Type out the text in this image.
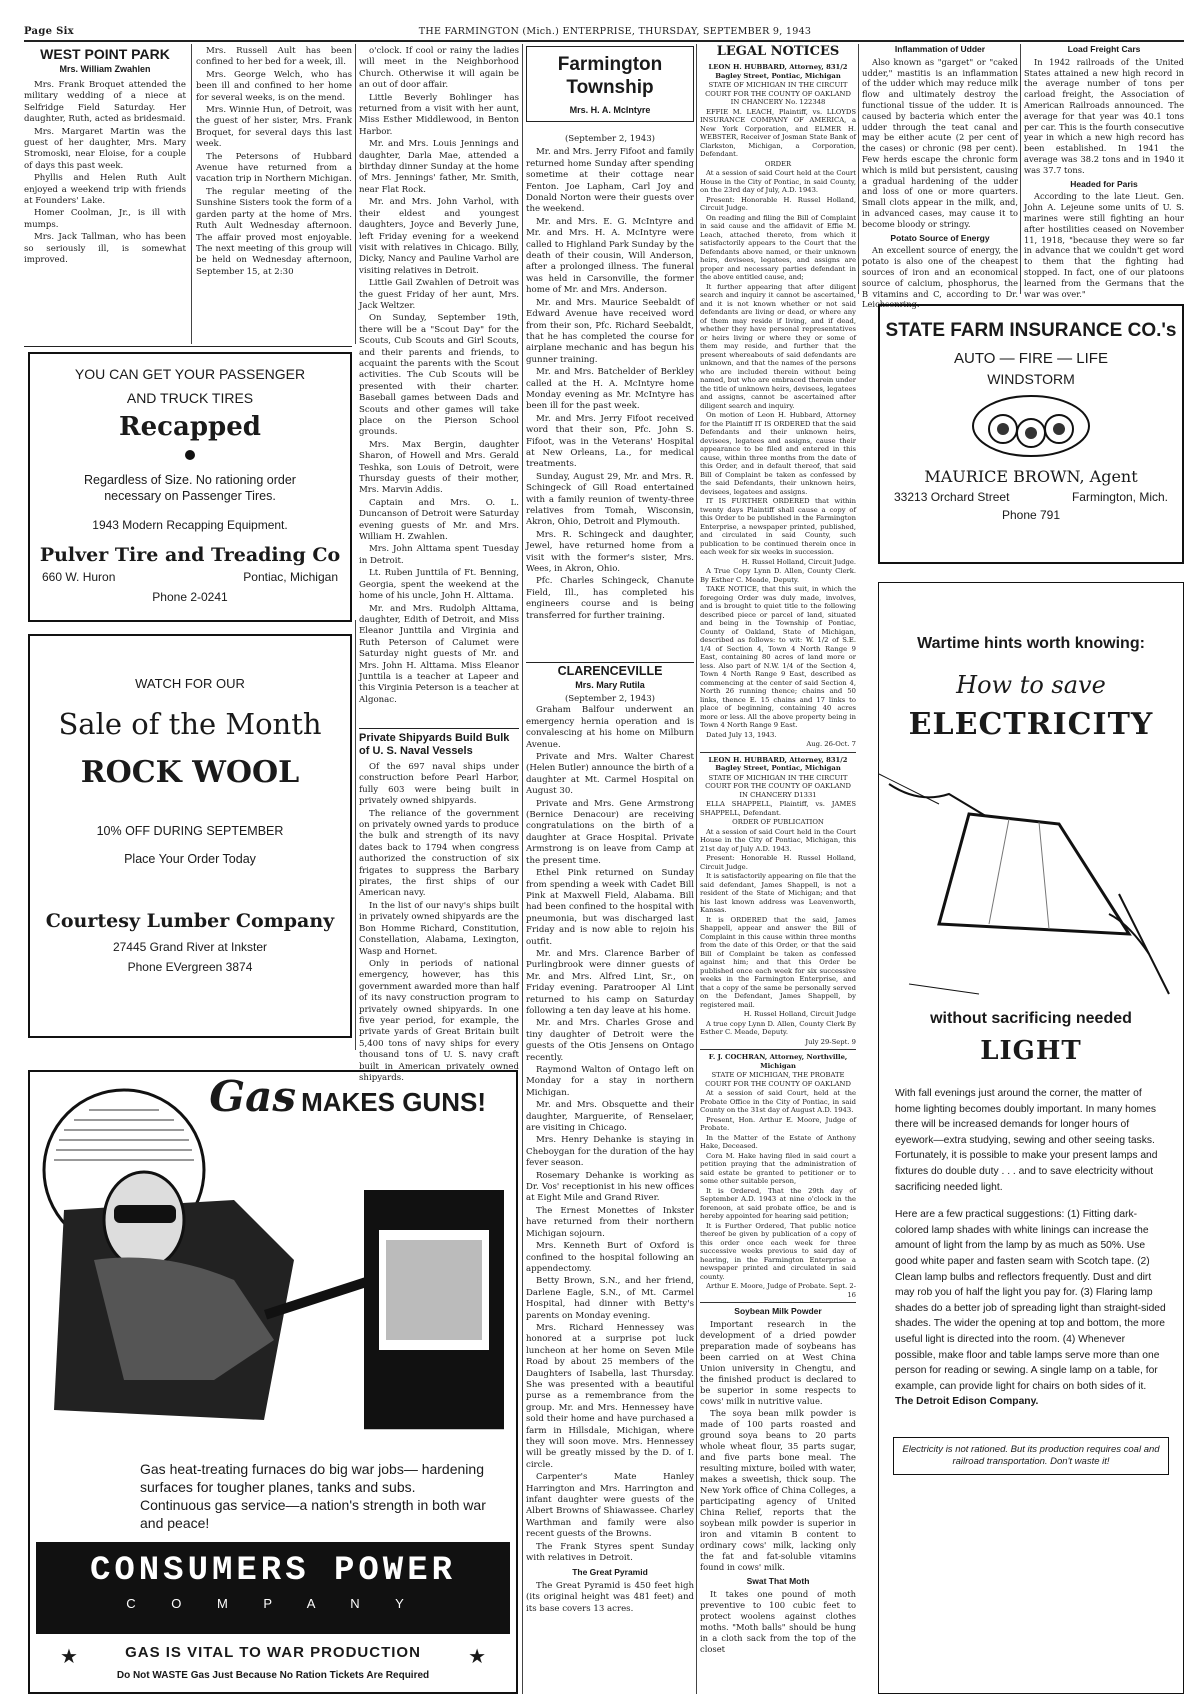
Page Six	THE FARMINGTON (Mich.) ENTERPRISE, THURSDAY, SEPTEMBER 9, 1943
WEST POINT PARK
Mrs. William Zwahlen

Mrs. Frank Broquet attended the military wedding of a niece at Selfridge Field Saturday. Her daughter, Ruth, acted as bridesmaid.

Mrs. Margaret Martin was the guest of her daughter, Mrs. Mary Stromoski, near Eloise, for a couple of days this past week.

Phyllis and Helen Ruth Ault enjoyed a weekend trip with friends at Founders' Lake.

Homer Coolman, Jr., is ill with mumps.

Mrs. Jack Tallman, who has been so seriously ill, is somewhat improved.

Mrs. Russell Ault has been confined to her bed for a week, ill.

Mrs. George Welch, who has been ill and confined to her home for several weeks, is on the mend.

Mrs. Winnie Hun, of Detroit, was the guest of her sister, Mrs. Frank Broquet, for several days this last week.

The Petersons of Hubbard Avenue have returned from a vacation trip in Northern Michigan.

The regular meeting of the Sunshine Sisters took the form of a garden party at the home of Mrs. Ruth Ault Wednesday afternoon. The affair proved most enjoyable. The next meeting of this group will be held on Wednesday afternoon, September 15, at 2:30

o'clock. If cool or rainy the ladies will meet in the Neighborhood Church. Otherwise it will again be an out of door affair.

Little Beverly Bohlinger has returned from a visit with her aunt, Miss Esther Middlewood, in Benton Harbor.

Mr. and Mrs. Louis Jennings and daughter, Darla Mae, attended a birthday dinner Sunday at the home of Mrs. Jennings' father, Mr. Smith, near Flat Rock.

Mr. and Mrs. John Varhol, with their eldest and youngest daughters, Joyce and Beverly June, left Friday evening for a weekend visit with relatives in Chicago. Billy, Dicky, Nancy and Pauline Varhol are visiting relatives in Detroit.

Little Gail Zwahlen of Detroit was the guest Friday of her aunt, Mrs. Jack Weltzer.

On Sunday, September 19th, there will be a "Scout Day" for the Scouts, Cub Scouts and Girl Scouts, and their parents and friends, to acquaint the parents with the Scout activities. The Cub Scouts will be presented with their charter. Baseball games between Dads and Scouts and other games will take place on the Pierson School grounds.

Mrs. Max Bergin, daughter Sharon, of Howell and Mrs. Gerald Teshka, son Louis of Detroit, were Thursday guests of their mother, Mrs. Marvin Addis.

Captain and Mrs. O. L. Duncanson of Detroit were Saturday evening guests of Mr. and Mrs. William H. Zwahlen.

Mrs. John Alttama spent Tuesday in Detroit.

Lt. Ruben Junttila of Ft. Benning, Georgia, spent the weekend at the home of his uncle, John H. Alttama.

Mr. and Mrs. Rudolph Alttama, daughter, Edith of Detroit, and Miss Eleanor Junttila and Virginia and Ruth Peterson of Calumet were Saturday night guests of Mr. and Mrs. John H. Alttama. Miss Eleanor Junttila is a teacher at Lapeer and this Virginia Peterson is a teacher at Algonac.

YOU CAN GET YOUR PASSENGER
AND TRUCK TIRES
Recapped
Regardless of Size. No rationing order necessary on Passenger Tires.
1943 Modern Recapping Equipment.
Pulver Tire and Treading Co
660 W. Huron	Pontiac, Michigan
Phone 2-0241
WATCH FOR OUR
Sale of the Month
ROCK WOOL
10% OFF DURING SEPTEMBER
Place Your Order Today
Courtesy Lumber Company
27445 Grand River at Inkster
Phone EVergreen 3874
Private Shipyards Build Bulk of U. S. Naval Vessels

Of the 697 naval ships under construction before Pearl Harbor, fully 603 were being built in privately owned shipyards.

The reliance of the government on privately owned yards to produce the bulk and strength of its navy dates back to 1794 when congress authorized the construction of six frigates to suppress the Barbary pirates, the first ships of our American navy.

In the list of our navy's ships built in privately owned shipyards are the Bon Homme Richard, Constitution, Constellation, Alabama, Lexington, Wasp and Hornet.

Only in periods of national emergency, however, has this government awarded more than half of its navy construction program to privately owned shipyards. In one five year period, for example, the private yards of Great Britain built 5,400 tons of navy ships for every thousand tons of U. S. navy craft built in American privately owned shipyards.

Gas MAKES GUNS!
Gas heat-treating furnaces do big war jobs— hardening surfaces for tougher planes, tanks and subs. Continuous gas service—a nation's strength in both war and peace!
CONSUMERS POWER
C O M P A N Y
★	★
GAS IS VITAL TO WAR PRODUCTION
Do Not WASTE Gas Just Because No Ration Tickets Are Required
Farmington Township
Mrs. H. A. McIntyre
(September 2, 1943)

Mr. and Mrs. Jerry Fifoot and family returned home Sunday after spending sometime at their cottage near Fenton. Joe Lapham, Carl Joy and Donald Norton were their guests over the weekend.

Mr. and Mrs. E. G. McIntyre and Mr. and Mrs. H. A. McIntyre were called to Highland Park Sunday by the death of their cousin, Will Anderson, after a prolonged illness. The funeral was held in Carsonville, the former home of Mr. and Mrs. Anderson.

Mr. and Mrs. Maurice Seebaldt of Edward Avenue have received word from their son, Pfc. Richard Seebaldt, that he has completed the course for airplane mechanic and has begun his gunner training.

Mr. and Mrs. Batchelder of Berkley called at the H. A. McIntyre home Monday evening as Mr. McIntyre has been ill for the past week.

Mr. and Mrs. Jerry Fifoot received word that their son, Pfc. John S. Fifoot, was in the Veterans' Hospital at New Orleans, La., for medical treatments.

Sunday, August 29, Mr. and Mrs. R. Schingeck of Gill Road entertained with a family reunion of twenty-three relatives from Tomah, Wisconsin, Akron, Ohio, Detroit and Plymouth.

Mrs. R. Schingeck and daughter, Jewel, have returned home from a visit with the former's sister, Mrs. Wees, in Akron, Ohio.

Pfc. Charles Schingeck, Chanute Field, Ill., has completed his engineers course and is being transferred for further training.

CLARENCEVILLE
Mrs. Mary Rutila
(September 2, 1943)

Graham Balfour underwent an emergency hernia operation and is convalescing at his home on Milburn Avenue.

Private and Mrs. Walter Charest (Helen Butler) announce the birth of a daughter at Mt. Carmel Hospital on August 30.

Private and Mrs. Gene Armstrong (Bernice Denacour) are receiving congratulations on the birth of a daughter at Grace Hospital. Private Armstrong is on leave from Camp at the present time.

Ethel Pink returned on Sunday from spending a week with Cadet Bill Pink at Maxwell Field, Alabama. Bill had been confined to the hospital with pneumonia, but was discharged last Friday and is now able to rejoin his outfit.

Mr. and Mrs. Clarence Barber of Purlingbrook were dinner guests of Mr. and Mrs. Alfred Lint, Sr., on Friday evening. Paratrooper Al Lint returned to his camp on Saturday following a ten day leave at his home.

Mr. and Mrs. Charles Grose and tiny daughter of Detroit were the guests of the Otis Jensens on Ontago recently.

Raymond Walton of Ontago left on Monday for a stay in northern Michigan.

Mr. and Mrs. Obsquette and their daughter, Marguerite, of Renselaer, are visiting in Chicago.

Mrs. Henry Dehanke is staying in Cheboygan for the duration of the hay fever season.

Rosemary Dehanke is working as Dr. Vos' receptionist in his new offices at Eight Mile and Grand River.

The Ernest Monettes of Inkster have returned from their northern Michigan sojourn.

Mrs. Kenneth Burt of Oxford is confined to the hospital following an appendectomy.

Betty Brown, S.N., and her friend, Darlene Eagle, S.N., of Mt. Carmel Hospital, had dinner with Betty's parents on Monday evening.

Mrs. Richard Hennessey was honored at a surprise pot luck luncheon at her home on Seven Mile Road by about 25 members of the Daughters of Isabella, last Thursday. She was presented with a beautiful purse as a remembrance from the group. Mr. and Mrs. Hennessey have sold their home and have purchased a farm in Hillsdale, Michigan, where they will soon move. Mrs. Hennessey will be greatly missed by the D. of I. circle.

Carpenter's Mate Hanley Harrington and Mrs. Harrington and infant daughter were guests of the Albert Browns of Shiawassee. Charley Warthman and family were also recent guests of the Browns.

The Frank Styres spent Sunday with relatives in Detroit.

The Great Pyramid

The Great Pyramid is 450 feet high (its original height was 481 feet) and its base covers 13 acres.

LEGAL NOTICES

LEON H. HUBBARD, Attorney, 831/2 Bagley Street, Pontiac, Michigan

STATE OF MICHIGAN IN THE CIRCUIT COURT FOR THE COUNTY OF OAKLAND IN CHANCERY No. 122348

EFFIE M. LEACH, Plaintiff, vs. LLOYDS INSURANCE COMPANY OF AMERICA, a New York Corporation, and ELMER H. WEBSTER, Receiver of Josman State Bank of Clarkston, Michigan, a Corporation, Defendant.

ORDER

At a session of said Court held at the Court House in the City of Pontiac, in said County, on the 23rd day of July, A.D. 1943.

Present: Honorable H. Russel Holland, Circuit Judge.

On reading and filing the Bill of Complaint in said cause and the affidavit of Effie M. Leach, attached thereto, from which it satisfactorily appears to the Court that the Defendants above named, or their unknown heirs, devisees, legatees, and assigns are proper and necessary parties defendant in the above entitled cause, and;

It further appearing that after diligent search and inquiry it cannot be ascertained, and it is not known whether or not said defendants are living or dead, or where any of them may reside if living, and if dead, whether they have personal representatives or heirs living or where they or some of them may reside, and further that the present whereabouts of said defendants are unknown, and that the names of the persons who are included therein without being named, but who are embraced therein under the title of unknown heirs, devisees, legatees and assigns, cannot be ascertained after diligent search and inquiry.

On motion of Leon H. Hubbard, Attorney for the Plaintiff IT IS ORDERED that the said Defendants and their unknown heirs, devisees, legatees and assigns, cause their appearance to be filed and entered in this cause, within three months from the date of this Order, and in default thereof, that said Bill of Complaint be taken as confessed by the said Defendants, their unknown heirs, devisees, legatees and assigns.

IT IS FURTHER ORDERED that within twenty days Plaintiff shall cause a copy of this Order to be published in the Farmington Enterprise, a newspaper printed, published, and circulated in said County, such publication to be continued therein once in each week for six weeks in succession.

H. Russel Holland, Circuit Judge.

A True Copy Lynn D. Allen, County Clerk. By Esther C. Meade, Deputy.

TAKE NOTICE, that this suit, in which the foregoing Order was duly made, involves, and is brought to quiet title to the following described piece or parcel of land, situated and being in the Township of Pontiac, County of Oakland, State of Michigan, described as follows: to wit: W. 1/2 of S.E. 1/4 of Section 4, Town 4 North Range 9 East, containing 80 acres of land more or less. Also part of N.W. 1/4 of the Section 4, Town 4 North Range 9 East, described as commencing at the center of said Section 4, North 26 running thence; chains and 50 links, thence E. 15 chains and 17 links to place of beginning, containing 40 acres more or less. All the above property being in Town 4 North Range 9 East.

Dated July 13, 1943.

Aug. 26-Oct. 7

LEON H. HUBBARD, Attorney, 831/2 Bagley Street, Pontiac, Michigan

STATE OF MICHIGAN IN THE CIRCUIT COURT FOR THE COUNTY OF OAKLAND IN CHANCERY D1331

ELLA SHAPPELL, Plaintiff, vs. JAMES SHAPPELL, Defendant.

ORDER OF PUBLICATION

At a session of said Court held in the Court House in the City of Pontiac, Michigan, this 21st day of July A.D. 1943.

Present: Honorable H. Russel Holland, Circuit Judge.

It is satisfactorily appearing on file that the said defendant, James Shappell, is not a resident of the State of Michigan; and that his last known address was Leavenworth, Kansas.

It is ORDERED that the said, James Shappell, appear and answer the Bill of Complaint in this cause within three months from the date of this Order, or that the said Bill of Complaint be taken as confessed against him; and that this Order be published once each week for six successive weeks in the Farmington Enterprise, and that a copy of the same be personally served on the Defendant, James Shappell, by registered mail.

H. Russel Holland, Circuit Judge

A true copy Lynn D. Allen, County Clerk By Esther C. Meade, Deputy.

July 29-Sept. 9

F. J. COCHRAN, Attorney, Northville, Michigan

STATE OF MICHIGAN, THE PROBATE COURT FOR THE COUNTY OF OAKLAND

At a session of said Court, held at the Probate Office in the City of Pontiac, in said County on the 31st day of August A.D. 1943.

Present, Hon. Arthur E. Moore, Judge of Probate.

In the Matter of the Estate of Anthony Hake, Deceased.

Cora M. Hake having filed in said court a petition praying that the administration of said estate be granted to petitioner or to some other suitable person,

It is Ordered, That the 29th day of September A.D. 1943 at nine o'clock in the forenoon, at said probate office, be and is hereby appointed for hearing said petition;

It is Further Ordered, That public notice thereof be given by publication of a copy of this order once each week for three successive weeks previous to said day of hearing, in the Farmington Enterprise a newspaper printed and circulated in said county.

Arthur E. Moore, Judge of Probate. Sept. 2-16

Soybean Milk Powder

Important research in the development of a dried powder preparation made of soybeans has been carried on at West China Union university in Chengtu, and the finished product is declared to be superior in some respects to cows' milk in nutritive value.

The soya bean milk powder is made of 100 parts roasted and ground soya beans to 20 parts whole wheat flour, 35 parts sugar, and five parts bone meal. The resulting mixture, boiled with water, makes a sweetish, thick soup. The New York office of China Colleges, a participating agency of United China Relief, reports that the soybean milk powder is superior in iron and vitamin B content to ordinary cows' milk, lacking only the fat and fat-soluble vitamins found in cows' milk.

Swat That Moth

It takes one pound of moth preventive to 100 cubic feet to protect woolens against clothes moths. "Moth balls" should be hung in a cloth sack from the top of the closet

Inflammation of Udder

Also known as "garget" or "caked udder," mastitis is an inflammation of the udder which may reduce milk flow and ultimately destroy the functional tissue of the udder. It is caused by bacteria which enter the udder through the teat canal and may be either acute (2 per cent of the cases) or chronic (98 per cent). Few herds escape the chronic form which is mild but persistent, causing a gradual hardening of the udder and loss of one or more quarters. Small clots appear in the milk, and, in advanced cases, may cause it to become bloody or stringy.

Potato Source of Energy

An excellent source of energy, the potato is also one of the cheapest sources of iron and an economical source of calcium, phosphorus, the B vitamins and C, according to Dr. Leichsenring.

Load Freight Cars

In 1942 railroads of the United States attained a new high record in the average number of tons per carload freight, the Association of American Railroads announced. The average for that year was 40.1 tons per car. This is the fourth consecutive year in which a new high record has been established. In 1941 the average was 38.2 tons and in 1940 it was 37.7 tons.

Headed for Paris

According to the late Lieut. Gen. John A. Lejeune some units of U. S. marines were still fighting an hour after hostilities ceased on November 11, 1918, "because they were so far in advance that we couldn't get word to them that the fighting had stopped. In fact, one of our platoons learned from the Germans that the war was over."

STATE FARM INSURANCE CO.'s
AUTO — FIRE — LIFE
WINDSTORM
MAURICE BROWN, Agent
33213 Orchard Street	Farmington, Mich.
Phone 791
Wartime hints worth knowing:
How to save
ELECTRICITY
without sacrificing needed
LIGHT
With fall evenings just around the corner, the matter of home lighting becomes doubly important. In many homes there will be increased demands for longer hours of eyework—extra studying, sewing and other seeing tasks. Fortunately, it is possible to make your present lamps and fixtures do double duty . . . and to save electricity without sacrificing needed light.
Here are a few practical suggestions: (1) Fitting dark-colored lamp shades with white linings can increase the amount of light from the lamp by as much as 50%. Use good white paper and fasten seam with Scotch tape. (2) Clean lamp bulbs and reflectors frequently. Dust and dirt may rob you of half the light you pay for. (3) Flaring lamp shades do a better job of spreading light than straight-sided shades. The wider the opening at top and bottom, the more useful light is directed into the room. (4) Whenever possible, make floor and table lamps serve more than one person for reading or sewing. A single lamp on a table, for example, can provide light for chairs on both sides of it.
The Detroit Edison Company.
Electricity is not rationed. But its production requires coal and railroad transportation. Don't waste it!
